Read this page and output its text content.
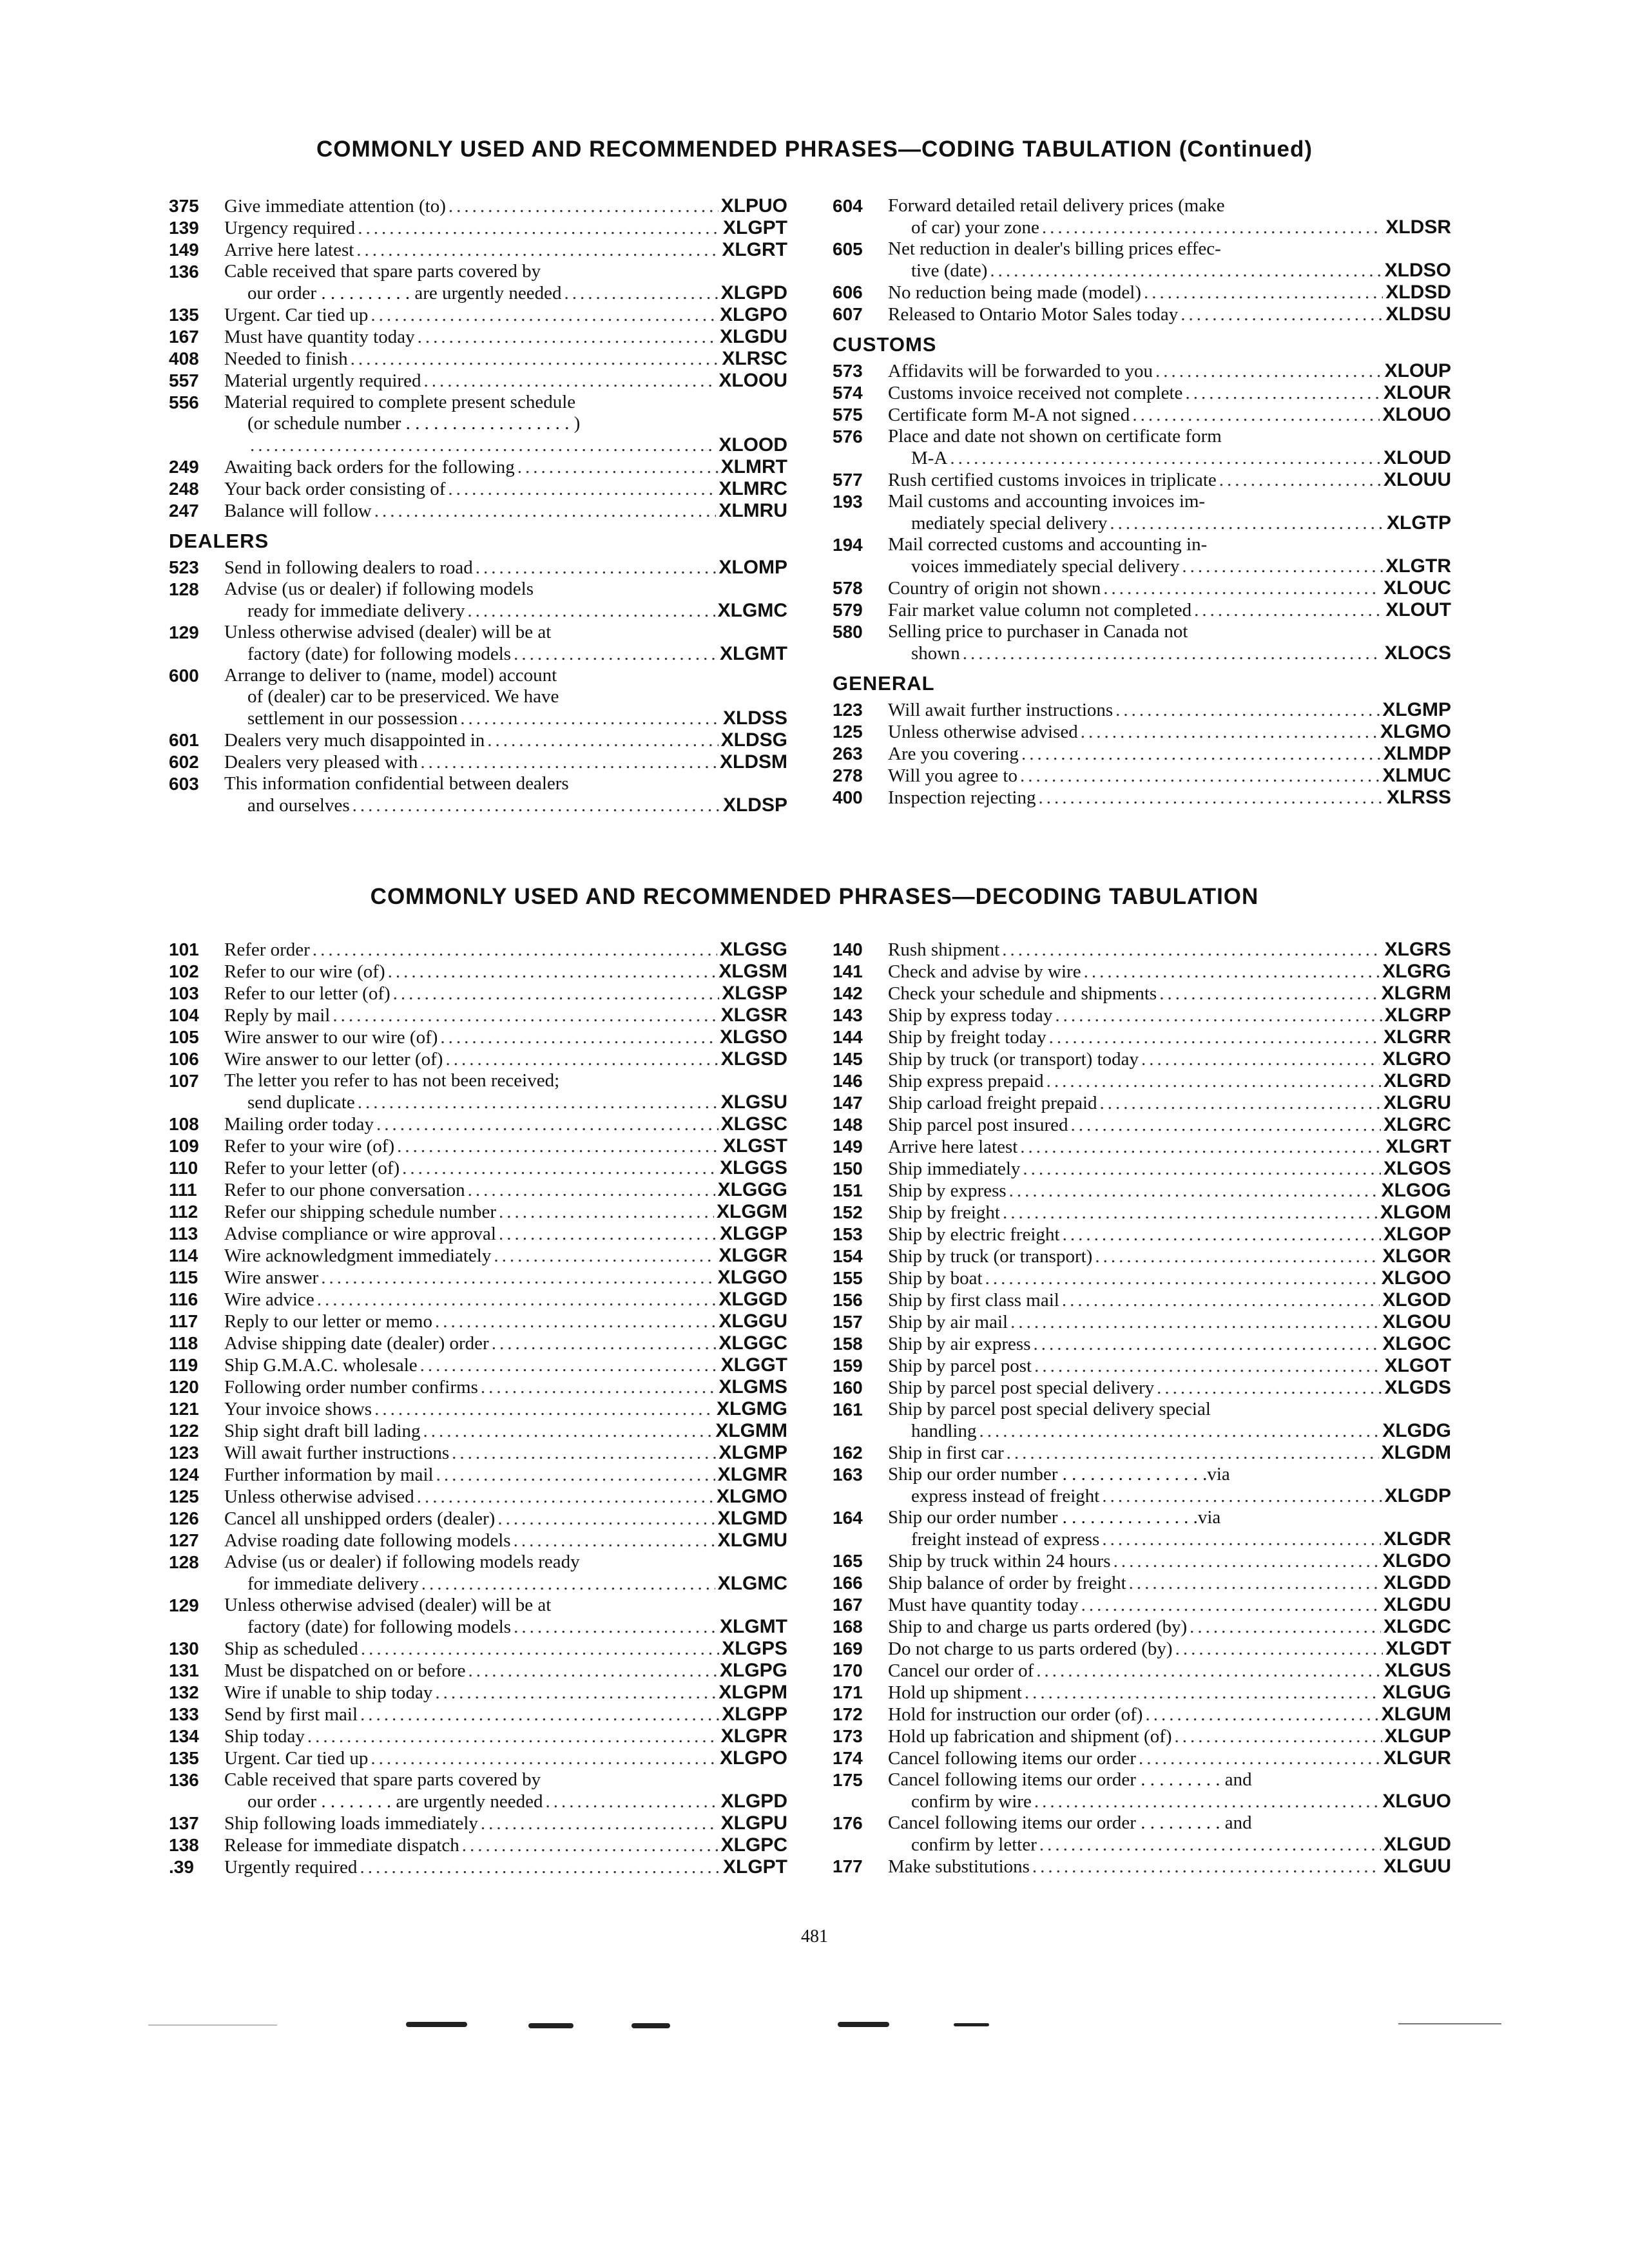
COMMONLY USED AND RECOMMENDED PHRASES—CODING TABULATION (Continued)
375	Give immediate attention (to) .....	XLPUO
139	Urgency required .....	XLGPT
149	Arrive here latest .....	XLGRT
136	Cable received that spare parts covered by
our order . . . . . . . . . . are urgently needed .....	XLGPD
135	Urgent. Car tied up .....	XLGPO
167	Must have quantity today .....	XLGDU
408	Needed to finish .....	XLRSC
557	Material urgently required .....	XLOOU
556	Material required to complete present schedule
(or schedule number . . . . . . . . . . . . . . . . . . )
.....
XLOOD
249	Awaiting back orders for the following .....	XLMRT
248	Your back order consisting of .....	XLMRC
247	Balance will follow .....	XLMRU
DEALERS
523	Send in following dealers to road .....	XLOMP
128	Advise (us or dealer) if following models
ready for immediate delivery .....	XLGMC
129	Unless otherwise advised (dealer) will be at
factory (date) for following models .....	XLGMT
600	Arrange to deliver to (name, model) account
of (dealer) car to be preserviced. We have
settlement in our possession .....	XLDSS
601	Dealers very much disappointed in .....	XLDSG
602	Dealers very pleased with .....	XLDSM
603	This information confidential between dealers
and ourselves .....	XLDSP
604	Forward detailed retail delivery prices (make
of car) your zone .....	XLDSR
605	Net reduction in dealer's billing prices effec-
tive (date) .....	XLDSO
606	No reduction being made (model) .....	XLDSD
607	Released to Ontario Motor Sales today .....	XLDSU
CUSTOMS
573	Affidavits will be forwarded to you .....	XLOUP
574	Customs invoice received not complete .....	XLOUR
575	Certificate form M-A not signed .....	XLOUO
576	Place and date not shown on certificate form
M-A .....	XLOUD
577	Rush certified customs invoices in triplicate .....	XLOUU
193	Mail customs and accounting invoices im-
mediately special delivery .....	XLGTP
194	Mail corrected customs and accounting in-
voices immediately special delivery .....	XLGTR
578	Country of origin not shown .....	XLOUC
579	Fair market value column not completed .....	XLOUT
580	Selling price to purchaser in Canada not
shown .....	XLOCS
GENERAL
123	Will await further instructions .....	XLGMP
125	Unless otherwise advised .....	XLGMO
263	Are you covering .....	XLMDP
278	Will you agree to .....	XLMUC
400	Inspection rejecting .....	XLRSS
COMMONLY USED AND RECOMMENDED PHRASES—DECODING TABULATION
101	Refer order .....	XLGSG
102	Refer to our wire (of) .....	XLGSM
103	Refer to our letter (of) .....	XLGSP
104	Reply by mail .....	XLGSR
105	Wire answer to our wire (of) .....	XLGSO
106	Wire answer to our letter (of) .....	XLGSD
107	The letter you refer to has not been received;
send duplicate .....	XLGSU
108	Mailing order today .....	XLGSC
109	Refer to your wire (of) .....	XLGST
110	Refer to your letter (of) .....	XLGGS
111	Refer to our phone conversation .....	XLGGG
112	Refer our shipping schedule number .....	XLGGM
113	Advise compliance or wire approval .....	XLGGP
114	Wire acknowledgment immediately .....	XLGGR
115	Wire answer .....	XLGGO
116	Wire advice .....	XLGGD
117	Reply to our letter or memo .....	XLGGU
118	Advise shipping date (dealer) order .....	XLGGC
119	Ship G.M.A.C. wholesale .....	XLGGT
120	Following order number confirms .....	XLGMS
121	Your invoice shows .....	XLGMG
122	Ship sight draft bill lading .....	XLGMM
123	Will await further instructions .....	XLGMP
124	Further information by mail .....	XLGMR
125	Unless otherwise advised .....	XLGMO
126	Cancel all unshipped orders (dealer) .....	XLGMD
127	Advise roading date following models .....	XLGMU
128	Advise (us or dealer) if following models ready
for immediate delivery .....	XLGMC
129	Unless otherwise advised (dealer) will be at
factory (date) for following models .....	XLGMT
130	Ship as scheduled .....	XLGPS
131	Must be dispatched on or before .....	XLGPG
132	Wire if unable to ship today .....	XLGPM
133	Send by first mail .....	XLGPP
134	Ship today .....	XLGPR
135	Urgent. Car tied up .....	XLGPO
136	Cable received that spare parts covered by
our order . . . . . . . . are urgently needed .....	XLGPD
137	Ship following loads immediately .....	XLGPU
138	Release for immediate dispatch .....	XLGPC
.39	Urgently required .....	XLGPT
140	Rush shipment .....	XLGRS
141	Check and advise by wire .....	XLGRG
142	Check your schedule and shipments .....	XLGRM
143	Ship by express today .....	XLGRP
144	Ship by freight today .....	XLGRR
145	Ship by truck (or transport) today .....	XLGRO
146	Ship express prepaid .....	XLGRD
147	Ship carload freight prepaid .....	XLGRU
148	Ship parcel post insured .....	XLGRC
149	Arrive here latest .....	XLGRT
150	Ship immediately .....	XLGOS
151	Ship by express .....	XLGOG
152	Ship by freight .....	XLGOM
153	Ship by electric freight .....	XLGOP
154	Ship by truck (or transport) .....	XLGOR
155	Ship by boat .....	XLGOO
156	Ship by first class mail .....	XLGOD
157	Ship by air mail .....	XLGOU
158	Ship by air express .....	XLGOC
159	Ship by parcel post .....	XLGOT
160	Ship by parcel post special delivery .....	XLGDS
161	Ship by parcel post special delivery special
handling .....	XLGDG
162	Ship in first car .....	XLGDM
163	Ship our order number . . . . . . . . . . . . . . . .via
express instead of freight .....	XLGDP
164	Ship our order number . . . . . . . . . . . . . . .via
freight instead of express .....	XLGDR
165	Ship by truck within 24 hours .....	XLGDO
166	Ship balance of order by freight .....	XLGDD
167	Must have quantity today .....	XLGDU
168	Ship to and charge us parts ordered (by) .....	XLGDC
169	Do not charge to us parts ordered (by) .....	XLGDT
170	Cancel our order of .....	XLGUS
171	Hold up shipment .....	XLGUG
172	Hold for instruction our order (of) .....	XLGUM
173	Hold up fabrication and shipment (of) .....	XLGUP
174	Cancel following items our order .....	XLGUR
175	Cancel following items our order . . . . . . . . . and
confirm by wire .....	XLGUO
176	Cancel following items our order . . . . . . . . . and
confirm by letter .....	XLGUD
177	Make substitutions .....	XLGUU
481
